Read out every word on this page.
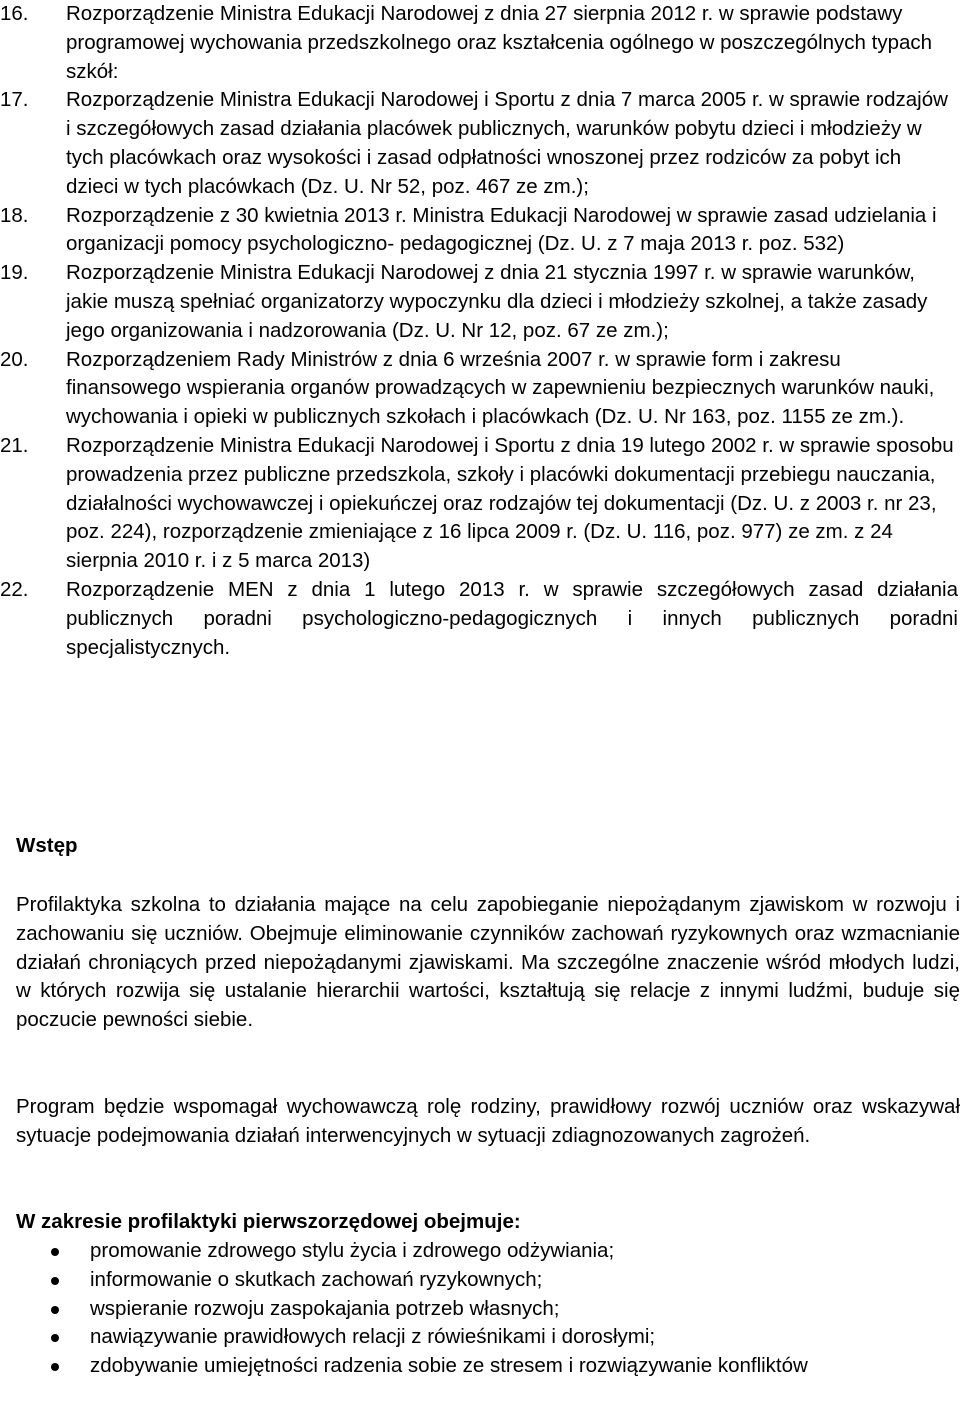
16.	Rozporządzenie Ministra Edukacji Narodowej z dnia 27 sierpnia 2012 r. w sprawie podstawy programowej wychowania przedszkolnego oraz kształcenia ogólnego w poszczególnych typach szkół:
17.	Rozporządzenie Ministra Edukacji Narodowej i Sportu z dnia 7 marca 2005 r. w sprawie rodzajów i szczegółowych zasad działania placówek publicznych, warunków pobytu dzieci i młodzieży w tych placówkach oraz wysokości i zasad odpłatności wnoszonej przez rodziców za pobyt ich dzieci w tych placówkach (Dz. U. Nr 52, poz. 467 ze zm.);
18.	Rozporządzenie z 30 kwietnia 2013 r. Ministra Edukacji Narodowej w sprawie zasad udzielania i organizacji pomocy psychologiczno- pedagogicznej (Dz. U. z 7 maja 2013 r. poz. 532)
19.	Rozporządzenie Ministra Edukacji Narodowej z dnia 21 stycznia 1997 r. w sprawie warunków, jakie muszą spełniać organizatorzy wypoczynku dla dzieci i młodzieży szkolnej, a także zasady jego organizowania i nadzorowania (Dz. U. Nr 12, poz. 67 ze zm.);
20.	Rozporządzeniem Rady Ministrów z dnia 6 września 2007 r. w sprawie form i zakresu finansowego wspierania organów prowadzących w zapewnieniu bezpiecznych warunków nauki, wychowania i opieki w publicznych szkołach i placówkach (Dz. U. Nr 163, poz. 1155 ze zm.).
21.	Rozporządzenie Ministra Edukacji Narodowej i Sportu z dnia 19 lutego 2002 r. w sprawie sposobu prowadzenia przez publiczne przedszkola, szkoły i placówki dokumentacji przebiegu nauczania, działalności wychowawczej i opiekuńczej oraz rodzajów tej dokumentacji (Dz. U. z 2003 r. nr 23, poz. 224), rozporządzenie zmieniające z 16 lipca 2009 r. (Dz. U. 116, poz. 977) ze zm. z 24 sierpnia 2010 r. i z 5 marca 2013)
22.	Rozporządzenie MEN z dnia 1 lutego 2013 r. w sprawie szczegółowych zasad działania publicznych poradni psychologiczno-pedagogicznych i innych publicznych poradni specjalistycznych.
Wstęp

Profilaktyka szkolna to działania mające na celu zapobieganie niepożądanym zjawiskom w rozwoju i zachowaniu się uczniów. Obejmuje eliminowanie czynników zachowań ryzykownych oraz wzmacnianie działań chroniących przed niepożądanymi zjawiskami. Ma szczególne znaczenie wśród młodych ludzi, w których rozwija się ustalanie hierarchii wartości, kształtują się relacje z innymi ludźmi, buduje się poczucie pewności siebie.

Program będzie wspomagał wychowawczą rolę rodziny, prawidłowy rozwój uczniów oraz wskazywał sytuacje podejmowania działań interwencyjnych w sytuacji zdiagnozowanych zagrożeń.

W zakresie profilaktyki pierwszorzędowej obejmuje:
promowanie zdrowego stylu życia i zdrowego odżywiania;
informowanie o skutkach zachowań ryzykownych;
wspieranie rozwoju zaspokajania potrzeb własnych;
nawiązywanie prawidłowych relacji z rówieśnikami i dorosłymi;
zdobywanie umiejętności radzenia sobie ze stresem i rozwiązywanie konfliktów
